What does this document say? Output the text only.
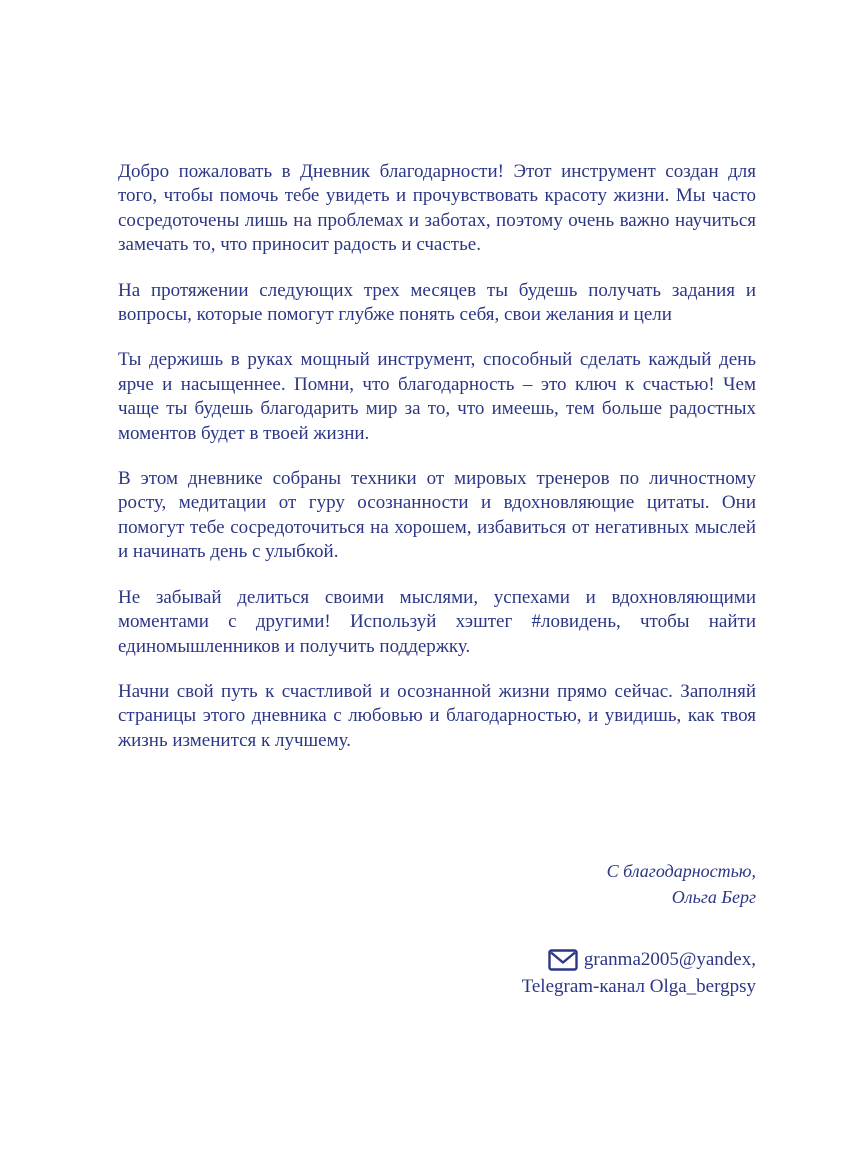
Добро пожаловать в Дневник благодарности! Этот инструмент создан для того, чтобы помочь тебе увидеть и прочувствовать красоту жизни. Мы часто сосредоточены лишь на проблемах и заботах, поэтому очень важно научиться замечать то, что приносит радость и счастье.

На протяжении следующих трех месяцев ты будешь получать задания и вопросы, которые помогут глубже понять себя, свои желания и цели

Ты держишь в руках мощный инструмент, способный сделать каждый день ярче и насыщеннее. Помни, что благодарность – это ключ к счастью! Чем чаще ты будешь благодарить мир за то, что имеешь, тем больше радостных моментов будет в твоей жизни.

В этом дневнике собраны техники от мировых тренеров по личностному росту, медитации от гуру осознанности и вдохновляющие цитаты. Они помогут тебе сосредоточиться на хорошем, избавиться от негативных мыслей и начинать день с улыбкой.

Не забывай делиться своими мыслями, успехами и вдохновляющими моментами с другими! Используй хэштег #ловидень, чтобы найти единомышленников и получить поддержку.

Начни свой путь к счастливой и осознанной жизни прямо сейчас. Заполняй страницы этого дневника с любовью и благодарностью, и увидишь, как твоя жизнь изменится к лучшему.

С благодарностью,
Ольга Берг
granma2005@yandex,
Telegram-канал Olga_bergpsy
